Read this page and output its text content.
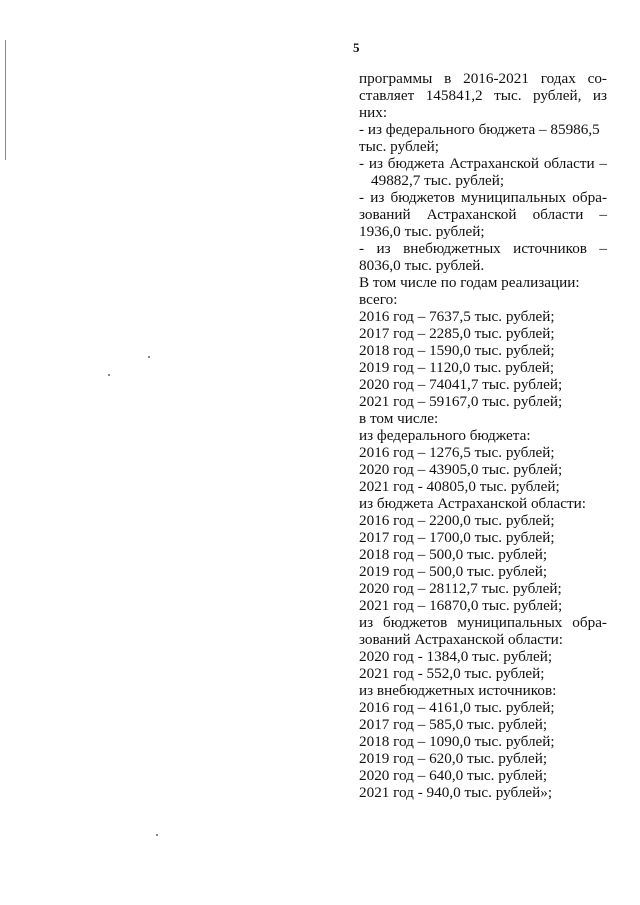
5
программы в 2016-2021 годах со-
ставляет 145841,2 тыс. рублей, из
них:
- из федерального бюджета – 85986,5
тыс. рублей;
- из бюджета Астраханской области –
49882,7 тыс. рублей;
- из бюджетов муниципальных обра-
зований Астраханской области –
1936,0 тыс. рублей;
- из внебюджетных источников –
8036,0 тыс. рублей.
В том числе по годам реализации:
всего:
2016 год – 7637,5 тыс. рублей;
2017 год – 2285,0 тыс. рублей;
2018 год – 1590,0 тыс. рублей;
2019 год – 1120,0 тыс. рублей;
2020 год – 74041,7 тыс. рублей;
2021 год – 59167,0 тыс. рублей;
в том числе:
из федерального бюджета:
2016 год – 1276,5 тыс. рублей;
2020 год – 43905,0 тыс. рублей;
2021 год - 40805,0 тыс. рублей;
из бюджета Астраханской области:
2016 год – 2200,0 тыс. рублей;
2017 год – 1700,0 тыс. рублей;
2018 год – 500,0 тыс. рублей;
2019 год – 500,0 тыс. рублей;
2020 год – 28112,7 тыс. рублей;
2021 год – 16870,0 тыс. рублей;
из бюджетов муниципальных обра-
зований Астраханской области:
2020 год - 1384,0 тыс. рублей;
2021 год - 552,0 тыс. рублей;
из внебюджетных источников:
2016 год – 4161,0 тыс. рублей;
2017 год – 585,0 тыс. рублей;
2018 год – 1090,0 тыс. рублей;
2019 год – 620,0 тыс. рублей;
2020 год – 640,0 тыс. рублей;
2021 год - 940,0 тыс. рублей»;
